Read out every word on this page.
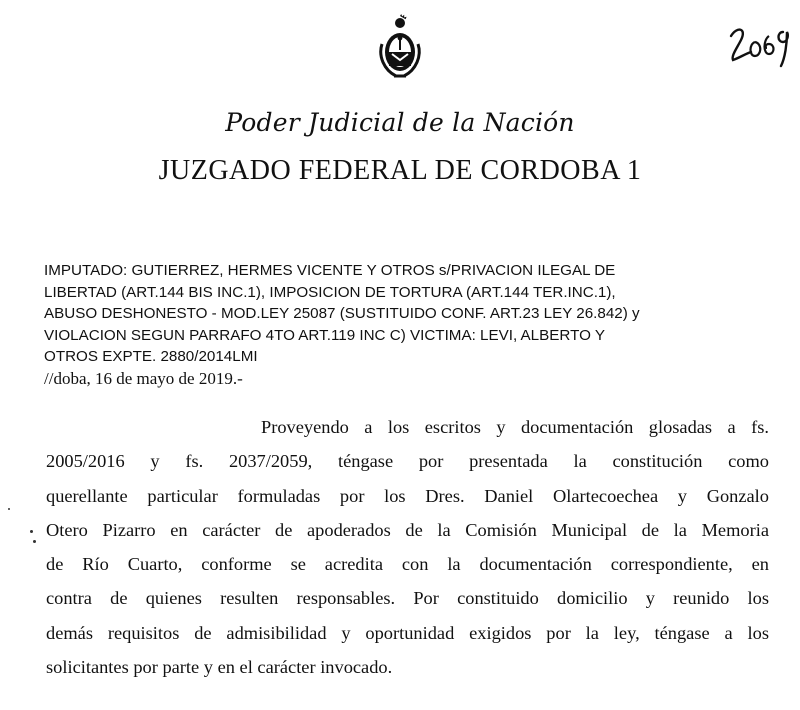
Poder Judicial de la Nación

JUZGADO FEDERAL DE CORDOBA 1

IMPUTADO: GUTIERREZ, HERMES VICENTE Y OTROS s/PRIVACION ILEGAL DE
LIBERTAD (ART.144 BIS INC.1), IMPOSICION DE TORTURA (ART.144 TER.INC.1),
ABUSO DESHONESTO - MOD.LEY 25087 (SUSTITUIDO CONF. ART.23 LEY 26.842) y
VIOLACION SEGUN PARRAFO 4TO ART.119 INC C) VICTIMA: LEVI, ALBERTO Y
OTROS EXPTE. 2880/2014LMI

//doba, 16 de mayo de 2019.-

Proveyendo a los escritos y documentación glosadas a fs.
2005/2016 y fs. 2037/2059, téngase por presentada la constitución como
querellante particular formuladas por los Dres. Daniel Olartecoechea y Gonzalo
Otero Pizarro en carácter de apoderados de la Comisión Municipal de la Memoria
de Río Cuarto, conforme se acredita con la documentación correspondiente, en
contra de quienes resulten responsables. Por constituido domicilio y reunido los
demás requisitos de admisibilidad y oportunidad exigidos por la ley, téngase a los
solicitantes por parte y en el carácter invocado.
